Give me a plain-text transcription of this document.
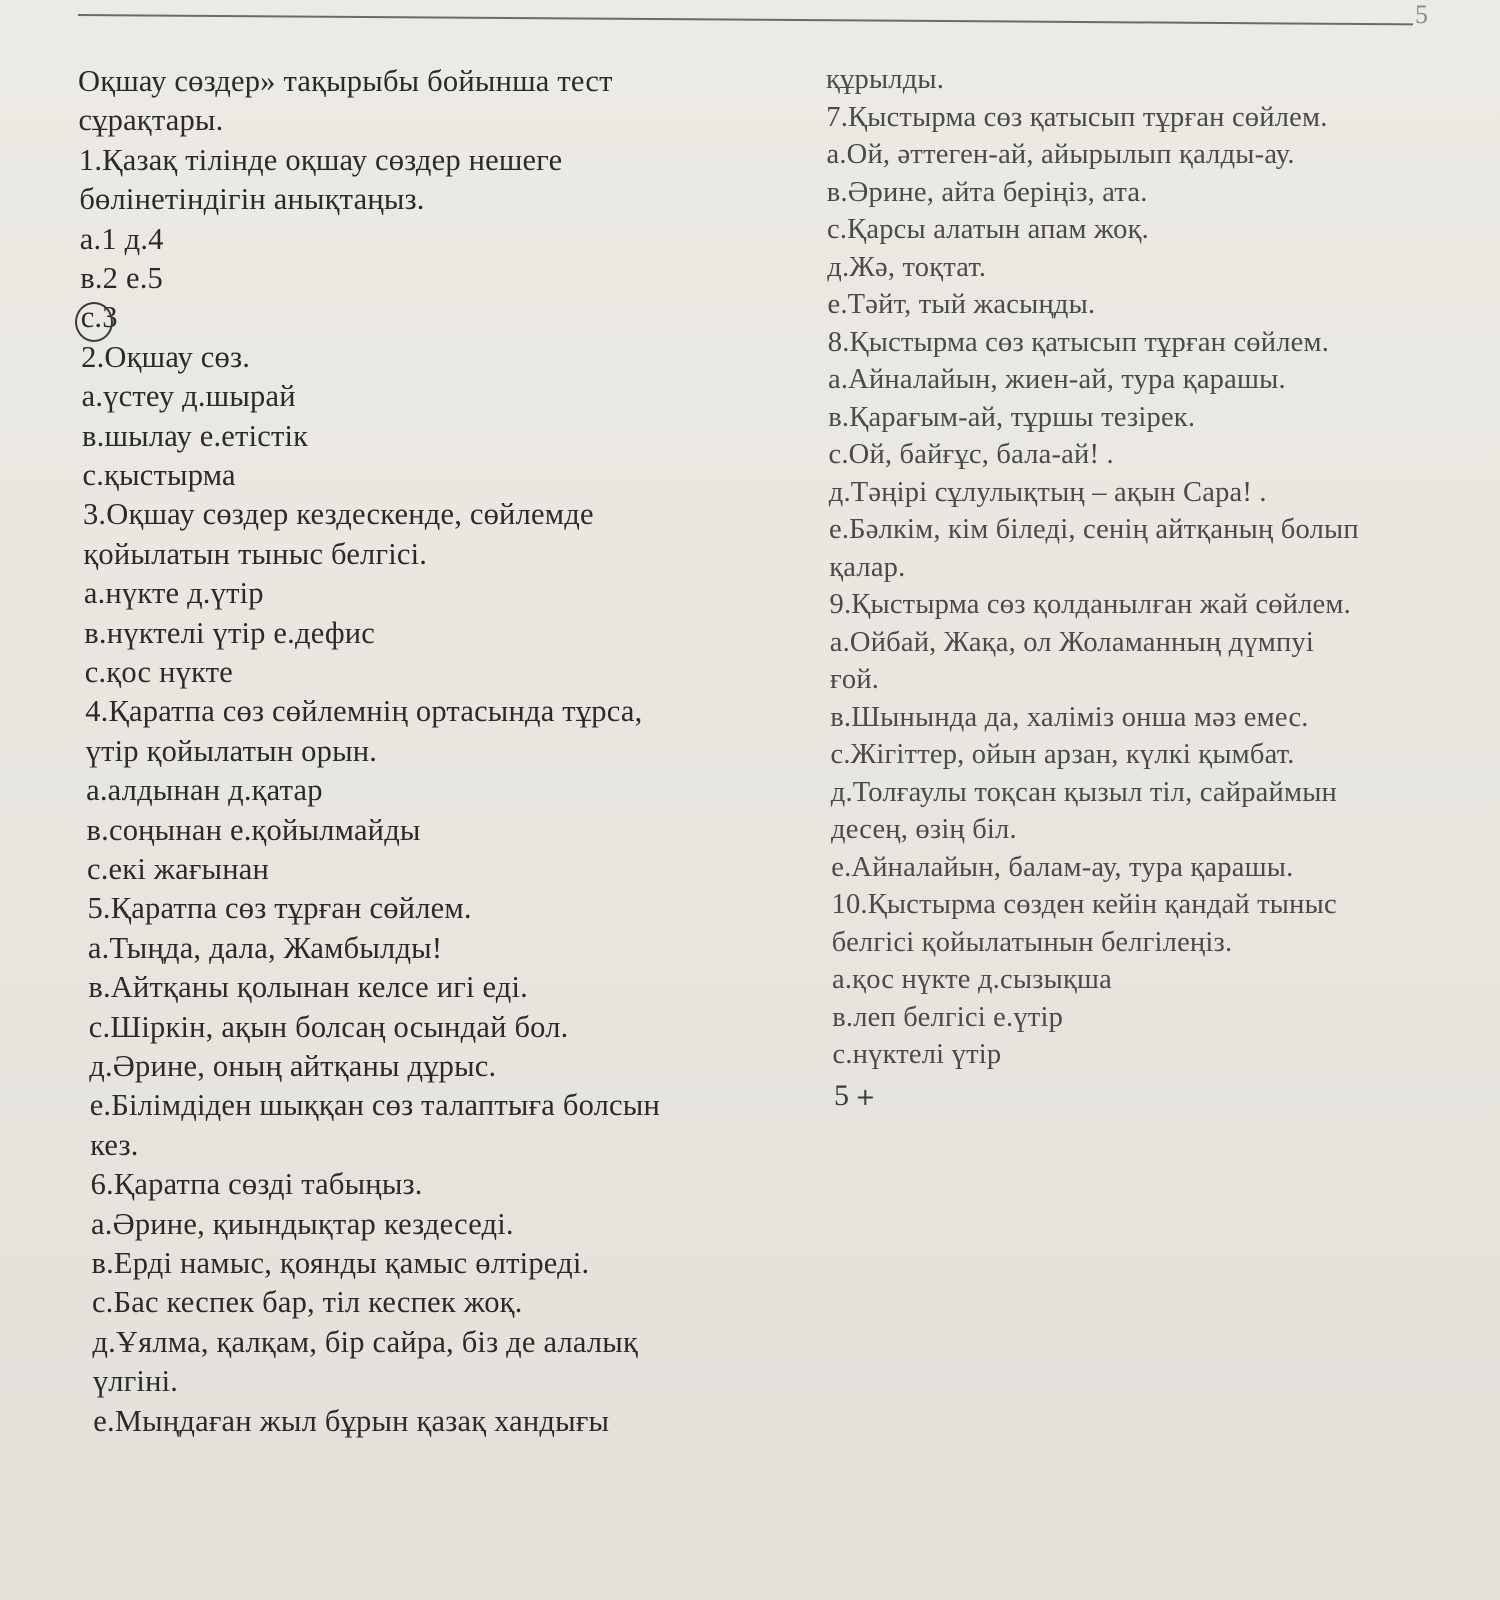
5
Оқшау сөздер» тақырыбы бойынша тест
сұрақтары.
1.Қазақ тілінде оқшау сөздер нешеге
бөлінетіндігін анықтаңыз.
а.1 д.4
в.2 е.5
с.3
2.Оқшау сөз.
а.үстеу д.шырай
в.шылау е.етістік
с.қыстырма
3.Оқшау сөздер кездескенде, сөйлемде
қойылатын тыныс белгісі.
а.нүкте д.үтір
в.нүктелі үтір е.дефис
с.қос нүкте
4.Қаратпа сөз сөйлемнің ортасында тұрса,
үтір қойылатын орын.
а.алдынан д.қатар
в.соңынан е.қойылмайды
с.екі жағынан
5.Қаратпа сөз тұрған сөйлем.
а.Тыңда, дала, Жамбылды!
в.Айтқаны қолынан келсе игі еді.
с.Шіркін, ақын болсаң осындай бол.
д.Әрине, оның айтқаны дұрыс.
е.Білімдіден шыққан сөз талаптыға болсын
кез.
6.Қаратпа сөзді табыңыз.
а.Әрине, қиындықтар кездеседі.
в.Ерді намыс, қоянды қамыс өлтіреді.
с.Бас кеспек бар, тіл кеспек жоқ.
д.Ұялма, қалқам, бір сайра, біз де алалық
үлгіні.
е.Мыңдаған жыл бұрын қазақ хандығы
құрылды.
7.Қыстырма сөз қатысып тұрған сөйлем.
а.Ой, әттеген-ай, айырылып қалды-ау.
в.Әрине, айта беріңіз, ата.
с.Қарсы алатын апам жоқ.
д.Жә, тоқтат.
е.Тәйт, тый жасыңды.
8.Қыстырма сөз қатысып тұрған сөйлем.
а.Айналайын, жиен-ай, тура қарашы.
в.Қарағым-ай, тұршы тезірек.
с.Ой, байғұс, бала-ай! .
д.Тәңірі сұлулықтың – ақын Сара! .
е.Бәлкім, кім біледі, сенің айтқаның болып
қалар.
9.Қыстырма сөз қолданылған жай сөйлем.
а.Ойбай, Жақа, ол Жоламанның дүмпуі
ғой.
в.Шынында да, халіміз онша мәз емес.
с.Жігіттер, ойын арзан, күлкі қымбат.
д.Толғаулы тоқсан қызыл тіл, сайраймын
десең, өзің біл.
е.Айналайын, балам-ау, тура қарашы.
10.Қыстырма сөзден кейін қандай тыныс
белгісі қойылатынын белгілеңіз.
а.қос нүкте д.сызықша
в.леп белгісі е.үтір
с.нүктелі үтір
5 +
